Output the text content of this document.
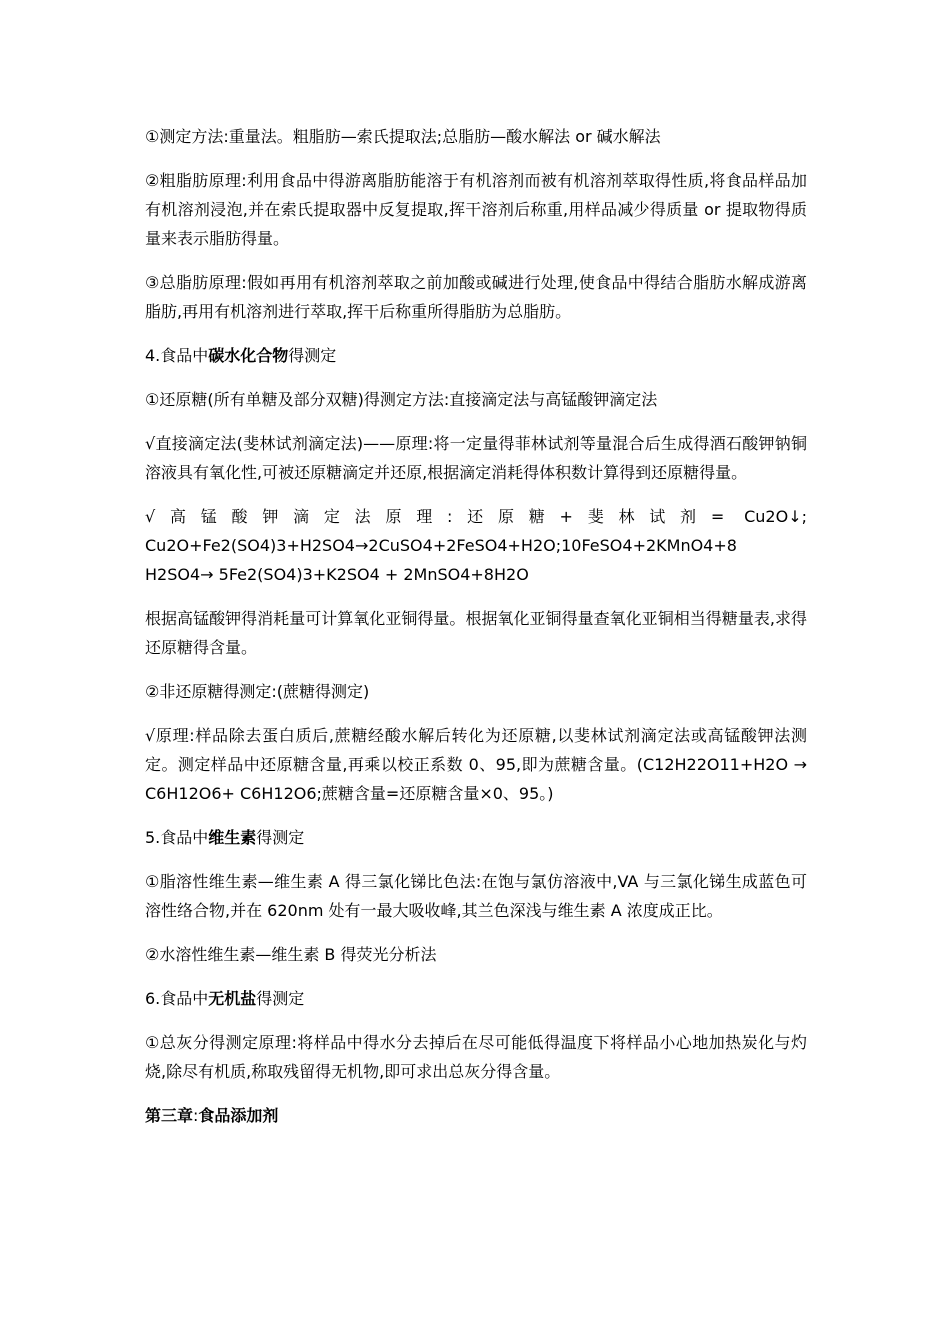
①测定方法:重量法。粗脂肪—索氏提取法;总脂肪—酸水解法 or 碱水解法

②粗脂肪原理:利用食品中得游离脂肪能溶于有机溶剂而被有机溶剂萃取得性质,将食品样品加有机溶剂浸泡,并在索氏提取器中反复提取,挥干溶剂后称重,用样品减少得质量 or 提取物得质量来表示脂肪得量。

③总脂肪原理:假如再用有机溶剂萃取之前加酸或碱进行处理,使食品中得结合脂肪水解成游离脂肪,再用有机溶剂进行萃取,挥干后称重所得脂肪为总脂肪。

4.食品中碳水化合物得测定

①还原糖(所有单糖及部分双糖)得测定方法:直接滴定法与高锰酸钾滴定法

√直接滴定法(斐林试剂滴定法)——原理:将一定量得菲林试剂等量混合后生成得酒石酸钾钠铜溶液具有氧化性,可被还原糖滴定并还原,根据滴定消耗得体积数计算得到还原糖得量。

√高锰酸钾滴定法原理:还原糖+斐林试剂= Cu2O↓;
Cu2O+Fe2(SO4)3+H2SO4→2CuSO4+2FeSO4+H2O;10FeSO4+2KMnO4+8
H2SO4→ 5Fe2(SO4)3+K2SO4 + 2MnSO4+8H2O

根据高锰酸钾得消耗量可计算氧化亚铜得量。根据氧化亚铜得量查氧化亚铜相当得糖量表,求得还原糖得含量。

②非还原糖得测定:(蔗糖得测定)

√原理:样品除去蛋白质后,蔗糖经酸水解后转化为还原糖,以斐林试剂滴定法或高锰酸钾法测定。测定样品中还原糖含量,再乘以校正系数 0、95,即为蔗糖含量。(C12H22O11+H2O → C6H12O6+ C6H12O6;蔗糖含量=还原糖含量×0、95。)

5.食品中维生素得测定

①脂溶性维生素—维生素 A 得三氯化锑比色法:在饱与氯仿溶液中,VA 与三氯化锑生成蓝色可溶性络合物,并在 620nm 处有一最大吸收峰,其兰色深浅与维生素 A 浓度成正比。

②水溶性维生素—维生素 B 得荧光分析法

6.食品中无机盐得测定

①总灰分得测定原理:将样品中得水分去掉后在尽可能低得温度下将样品小心地加热炭化与灼烧,除尽有机质,称取残留得无机物,即可求出总灰分得含量。

第三章:食品添加剂
